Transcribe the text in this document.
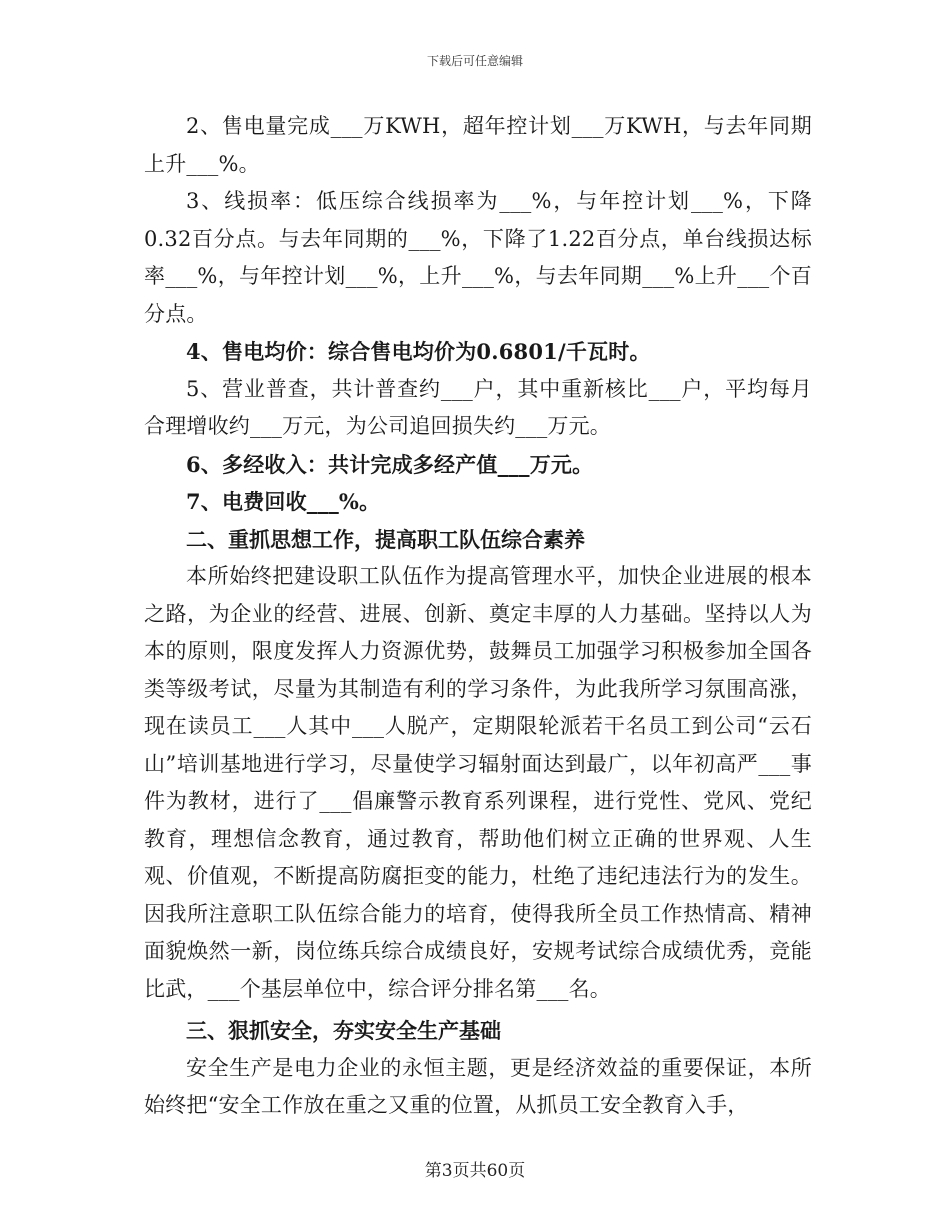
下载后可任意编辑

2、售电量完成___万KWH，超年控计划___万KWH，与去年同期上升___%。

3、线损率：低压综合线损率为___%，与年控计划___%，下降0.32百分点。与去年同期的___%，下降了1.22百分点，单台线损达标率___%，与年控计划___%，上升___%，与去年同期___%上升___个百分点。

4、售电均价：综合售电均价为0.6801/千瓦时。

5、营业普查，共计普查约___户，其中重新核比___户，平均每月合理增收约___万元，为公司追回损失约___万元。

6、多经收入：共计完成多经产值___万元。

7、电费回收___%。

二、重抓思想工作，提高职工队伍综合素养

本所始终把建设职工队伍作为提高管理水平，加快企业进展的根本之路，为企业的经营、进展、创新、奠定丰厚的人力基础。坚持以人为本的原则，限度发挥人力资源优势，鼓舞员工加强学习积极参加全国各类等级考试，尽量为其制造有利的学习条件，为此我所学习氛围高涨，现在读员工___人其中___人脱产，定期限轮派若干名员工到公司“云石山”培训基地进行学习，尽量使学习辐射面达到最广，以年初高严___事件为教材，进行了___倡廉警示教育系列课程，进行党性、党风、党纪教育，理想信念教育，通过教育，帮助他们树立正确的世界观、人生观、价值观，不断提高防腐拒变的能力，杜绝了违纪违法行为的发生。因我所注意职工队伍综合能力的培育，使得我所全员工作热情高、精神面貌焕然一新，岗位练兵综合成绩良好，安规考试综合成绩优秀，竞能比武，___个基层单位中，综合评分排名第___名。

三、狠抓安全，夯实安全生产基础

安全生产是电力企业的永恒主题，更是经济效益的重要保证，本所始终把“安全工作放在重之又重的位置，从抓员工安全教育入手，

第3页共60页
